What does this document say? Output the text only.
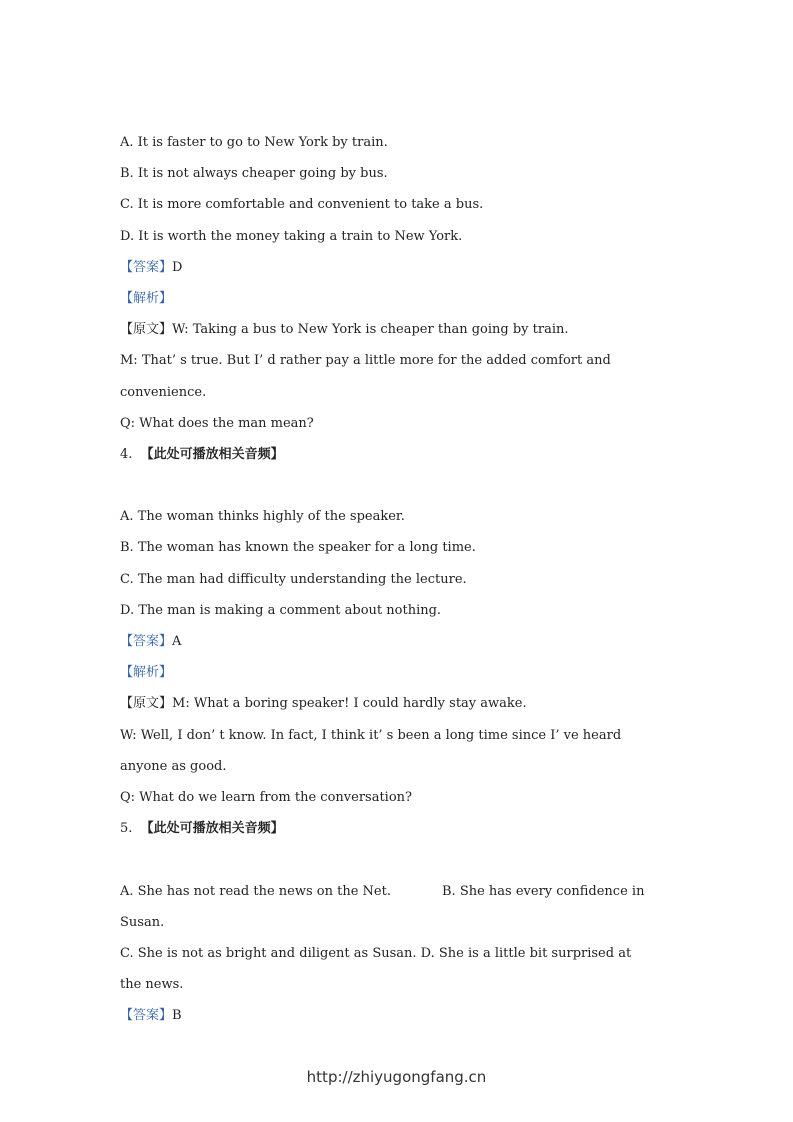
A. It is faster to go to New York by train.
B. It is not always cheaper going by bus.
C. It is more comfortable and convenient to take a bus.
D. It is worth the money taking a train to New York.
【答案】D
【解析】
【原文】W: Taking a bus to New York is cheaper than going by train.
M: That’ s true. But I’ d rather pay a little more for the added comfort and
convenience.
Q: What does the man mean?
4. 【此处可播放相关音频】
A. The woman thinks highly of the speaker.
B. The woman has known the speaker for a long time.
C. The man had difficulty understanding the lecture.
D. The man is making a comment about nothing.
【答案】A
【解析】
【原文】M: What a boring speaker! I could hardly stay awake.
W: Well, I don’ t know. In fact, I think it’ s been a long time since I’ ve heard
anyone as good.
Q: What do we learn from the conversation?
5. 【此处可播放相关音频】
A. She has not read the news on the Net.	B. She has every confidence in
Susan.
C. She is not as bright and diligent as Susan. D. She is a little bit surprised at
the news.
【答案】B
http://zhiyugongfang.cn
